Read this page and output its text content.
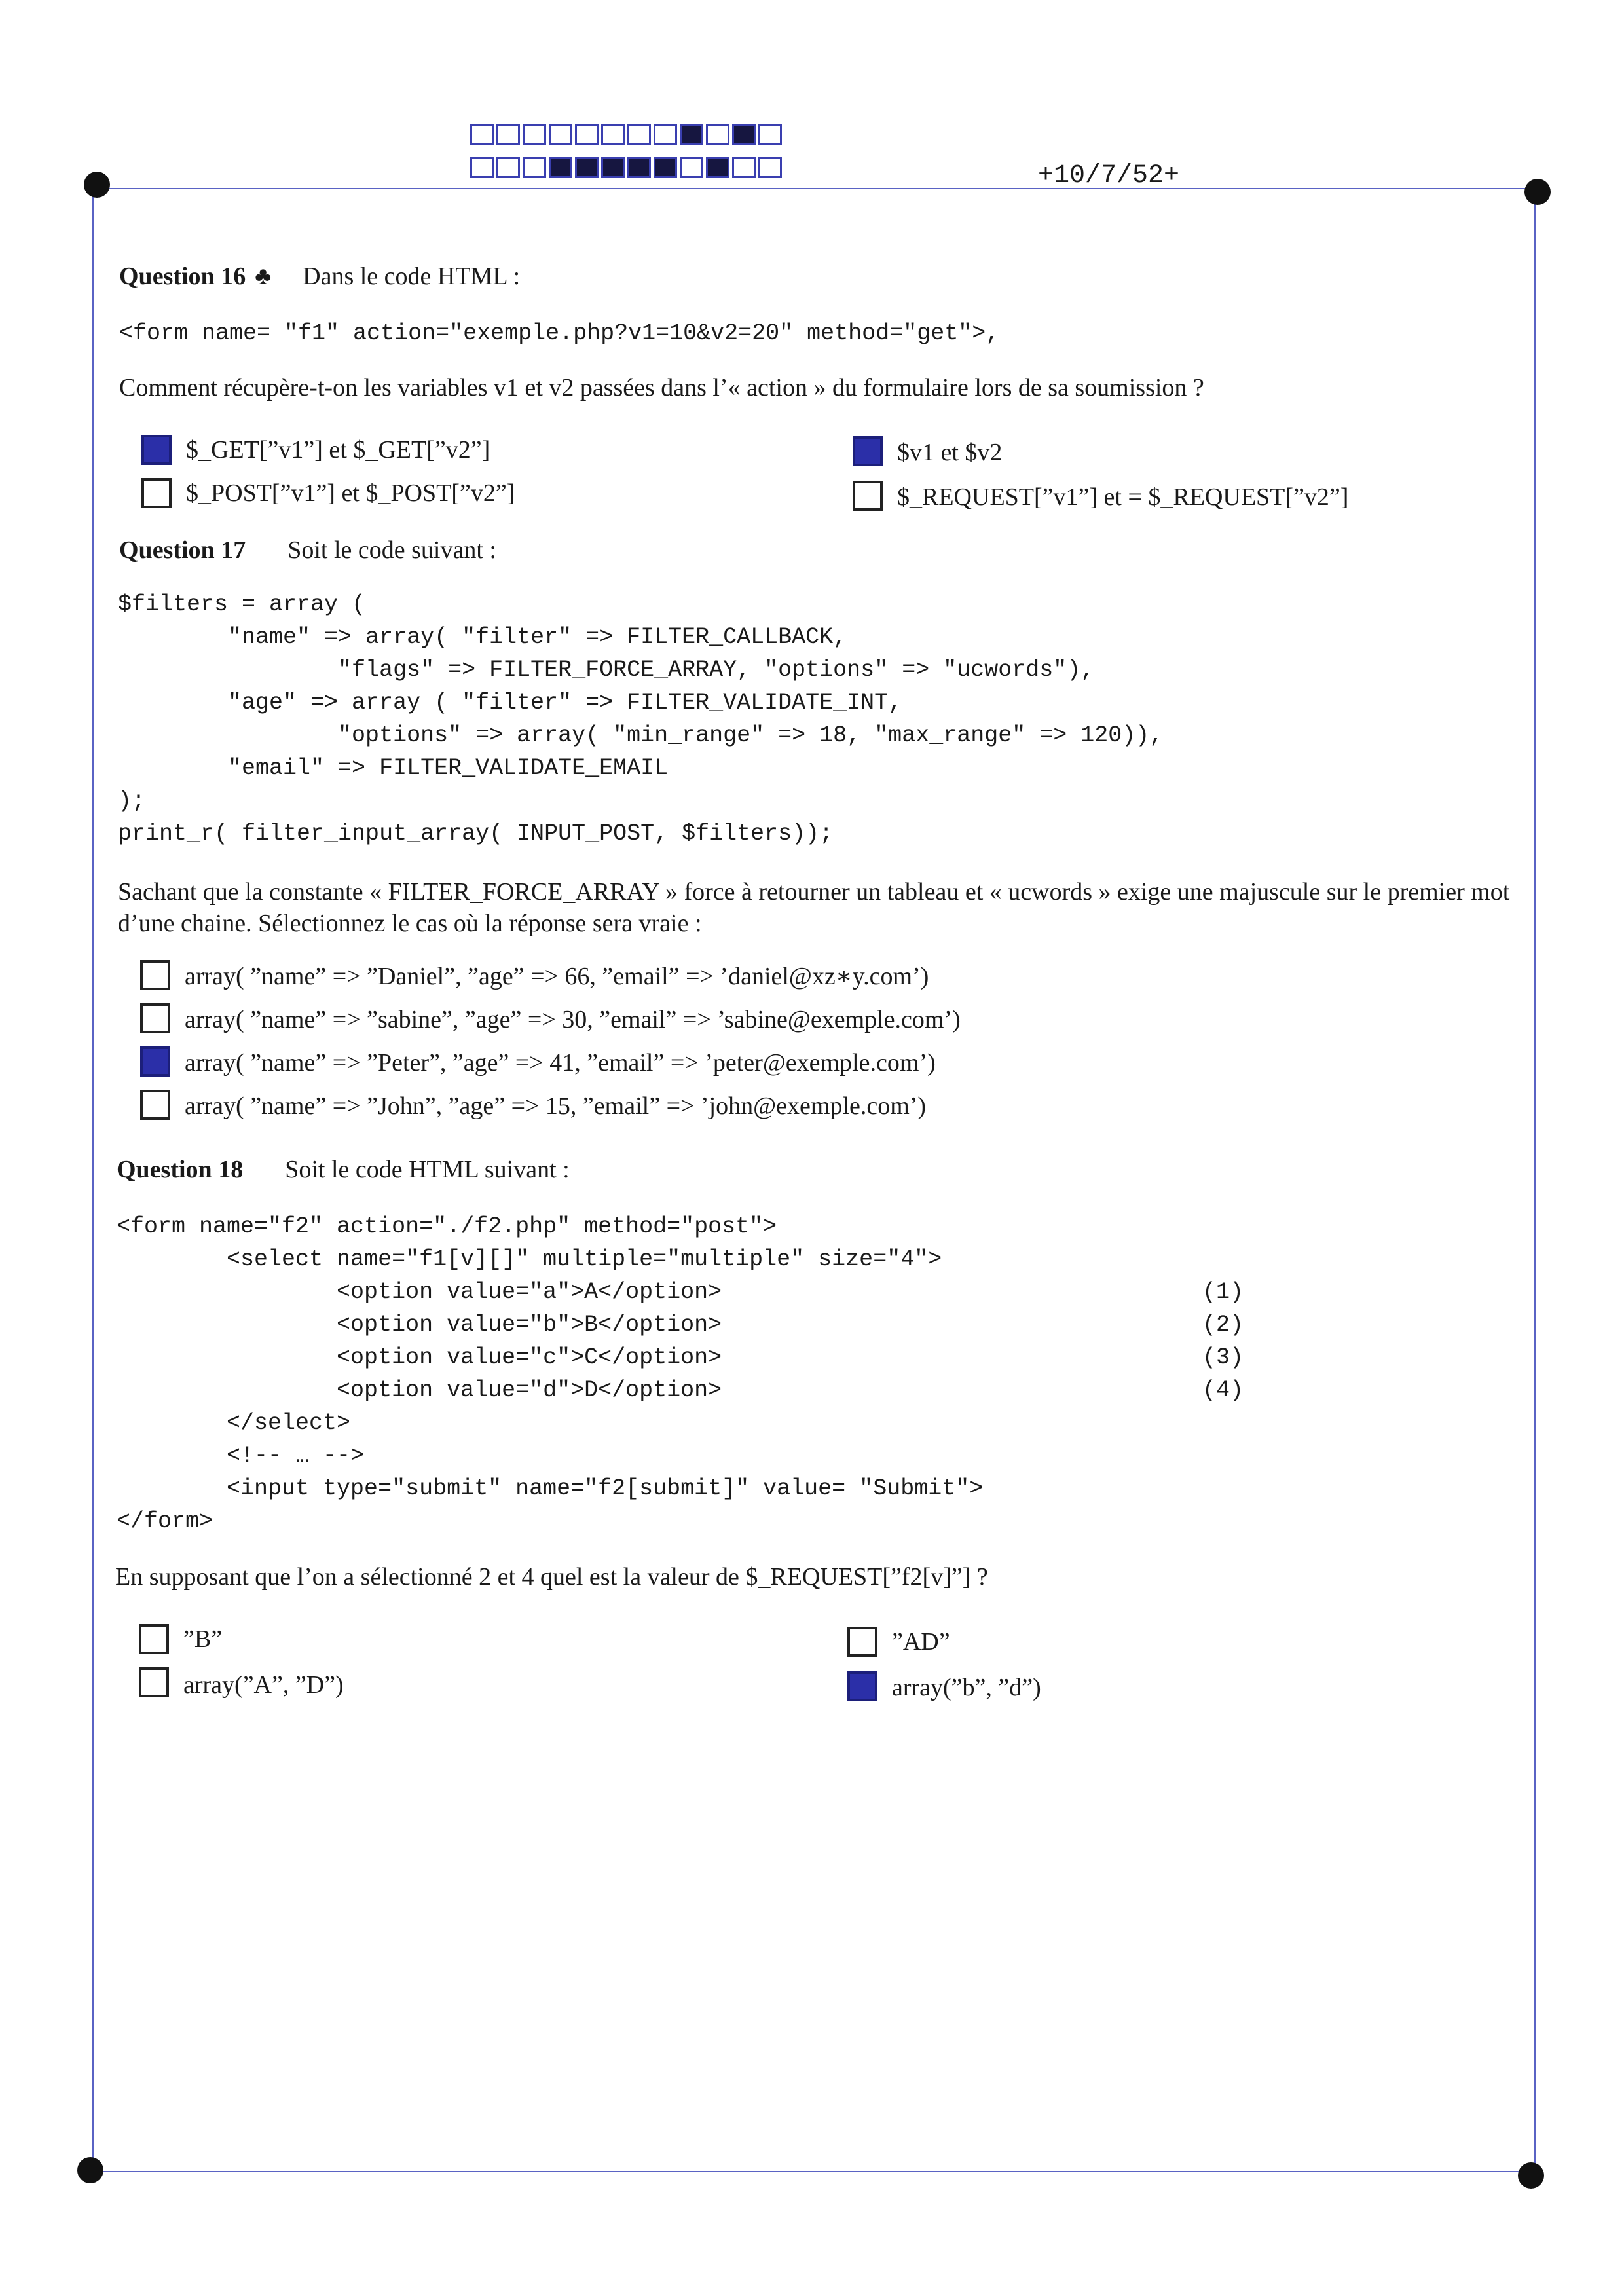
+10/7/52+
Question 16 ♣ Dans le code HTML :
<form name= "f1" action="exemple.php?v1=10&v2=20" method="get">,
Comment récupère-t-on les variables v1 et v2 passées dans l’« action » du formulaire lors de sa soumission ?
$_GET[”v1”] et $_GET[”v2”]	$v1 et $v2
$_POST[”v1”] et $_POST[”v2”]	$_REQUEST[”v1”] et = $_REQUEST[”v2”]
Question 17 Soit le code suivant :
$filters = array (
"name" => array( "filter" => FILTER_CALLBACK,
"flags" => FILTER_FORCE_ARRAY, "options" => "ucwords"),
"age" => array ( "filter" => FILTER_VALIDATE_INT,
"options" => array( "min_range" => 18, "max_range" => 120)),
"email" => FILTER_VALIDATE_EMAIL
);
print_r( filter_input_array( INPUT_POST, $filters));
Sachant que la constante « FILTER_FORCE_ARRAY » force à retourner un tableau et « ucwords » exige une majuscule sur le premier mot d’une chaine. Sélectionnez le cas où la réponse sera vraie :
array( ”name” => ”Daniel”, ”age” => 66, ”email” => ’daniel@xz∗y.com’)
array( ”name” => ”sabine”, ”age” => 30, ”email” => ’sabine@exemple.com’)
array( ”name” => ”Peter”, ”age” => 41, ”email” => ’peter@exemple.com’)
array( ”name” => ”John”, ”age” => 15, ”email” => ’john@exemple.com’)
Question 18 Soit le code HTML suivant :
<form name="f2" action="./f2.php" method="post">
<select name="f1[v][]" multiple="multiple" size="4">
<option value="a">A</option>
<option value="b">B</option>
<option value="c">C</option>
<option value="d">D</option>
</select>
<!-- … -->
<input type="submit" name="f2[submit]" value= "Submit">
</form>
(1)
(2)
(3)
(4)
En supposant que l’on a sélectionné 2 et 4 quel est la valeur de $_REQUEST[”f2[v]”] ?
”B”	”AD”
array(”A”, ”D”)	array(”b”, ”d”)
